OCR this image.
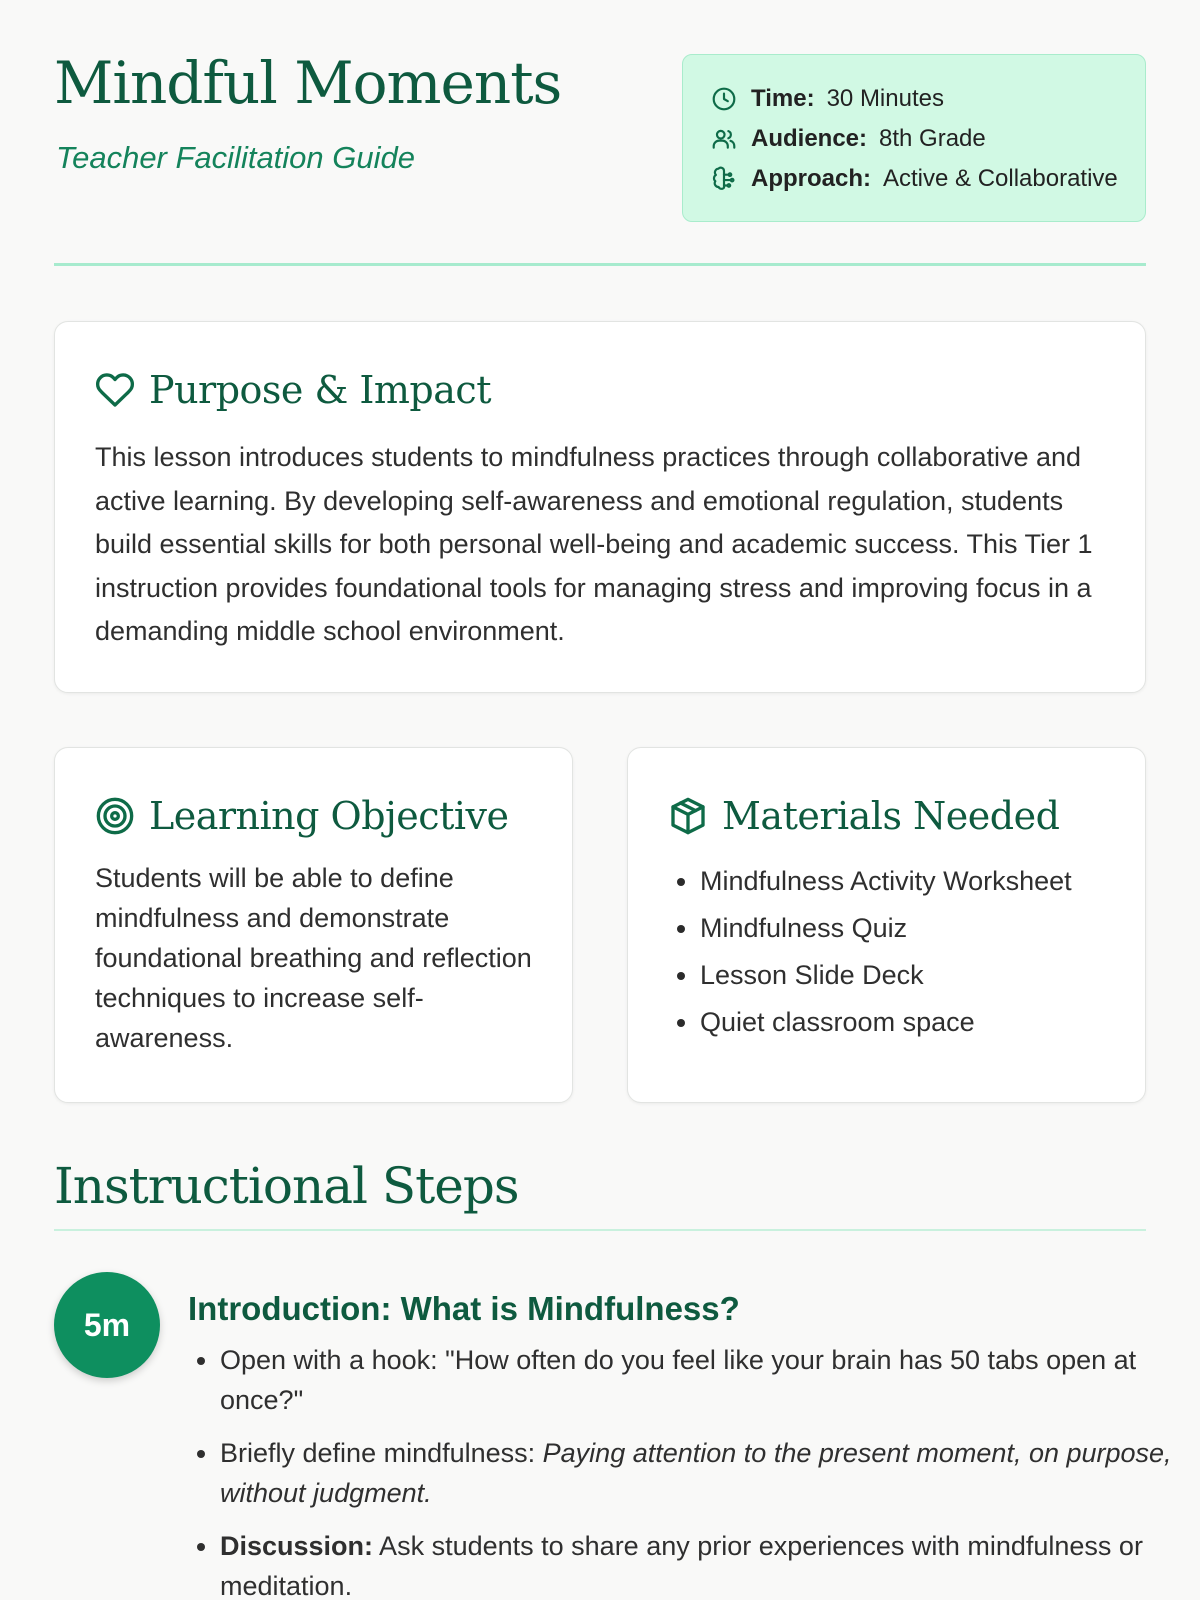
Mindful Moments

Teacher Facilitation Guide

Time: 30 Minutes
Audience: 8th Grade
Approach: Active & Collaborative
Purpose & Impact

This lesson introduces students to mindfulness practices through collaborative and active learning. By developing self-awareness and emotional regulation, students build essential skills for both personal well-being and academic success. This Tier 1 instruction provides foundational tools for managing stress and improving focus in a demanding middle school environment.

Learning Objective

Students will be able to define mindfulness and demonstrate foundational breathing and reflection techniques to increase self-awareness.

Materials Needed
• Mindfulness Activity Worksheet
• Mindfulness Quiz
• Lesson Slide Deck
• Quiet classroom space
Instructional Steps
5m	Introduction: What is Mindfulness?
• Open with a hook: "How often do you feel like your brain has 50 tabs open at once?"
• Briefly define mindfulness: Paying attention to the present moment, on purpose, without judgment.
• Discussion: Ask students to share any prior experiences with mindfulness or meditation.
